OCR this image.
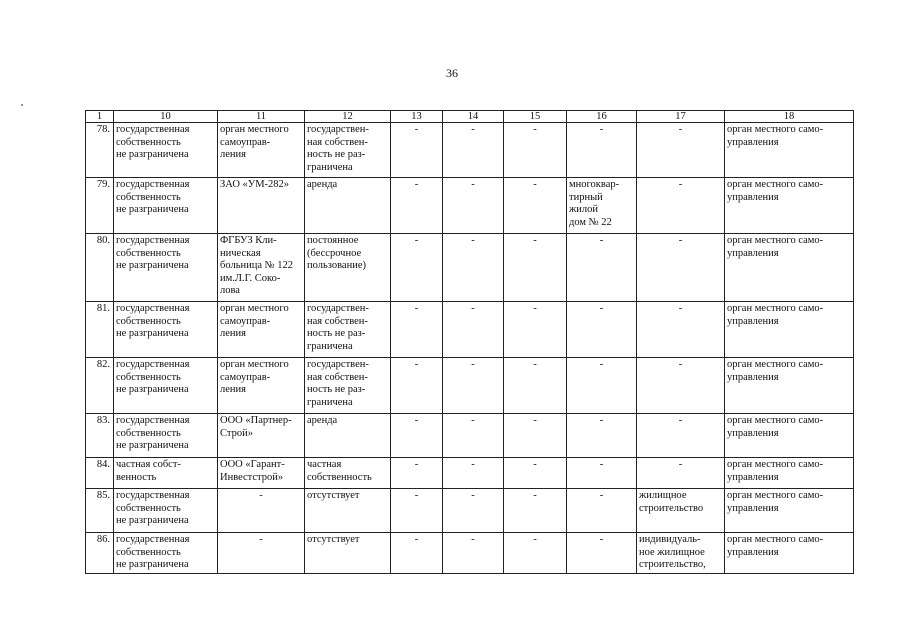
36
1	10	11	12	13	14	15	16	17	18
78.	государственная
собственность
не разграничена	орган местного
самоуправ-
ления	государствен-
ная собствен-
ность не раз-
граничена	-	-	-	-	-	орган местного само-
управления
79.	государственная
собственность
не разграничена	ЗАО «УМ-282»	аренда	-	-	-	многоквар-
тирный
жилой
дом № 22	-	орган местного само-
управления
80.	государственная
собственность
не разграничена	ФГБУЗ Кли-
ническая
больница № 122
им.Л.Г. Соко-
лова	постоянное
(бессрочное
пользование)	-	-	-	-	-	орган местного само-
управления
81.	государственная
собственность
не разграничена	орган местного
самоуправ-
ления	государствен-
ная собствен-
ность не раз-
граничена	-	-	-	-	-	орган местного само-
управления
82.	государственная
собственность
не разграничена	орган местного
самоуправ-
ления	государствен-
ная собствен-
ность не раз-
граничена	-	-	-	-	-	орган местного само-
управления
83.	государственная
собственность
не разграничена	ООО «Партнер-
Строй»	аренда	-	-	-	-	-	орган местного само-
управления
84.	частная собст-
венность	ООО «Гарант-
Инвестстрой»	частная
собственность	-	-	-	-	-	орган местного само-
управления
85.	государственная
собственность
не разграничена	-	отсутствует	-	-	-	-	жилищное
строительство	орган местного само-
управления
86.	государственная
собственность
не разграничена	-	отсутствует	-	-	-	-	индивидуаль-
ное жилищное
строительство,	орган местного само-
управления
